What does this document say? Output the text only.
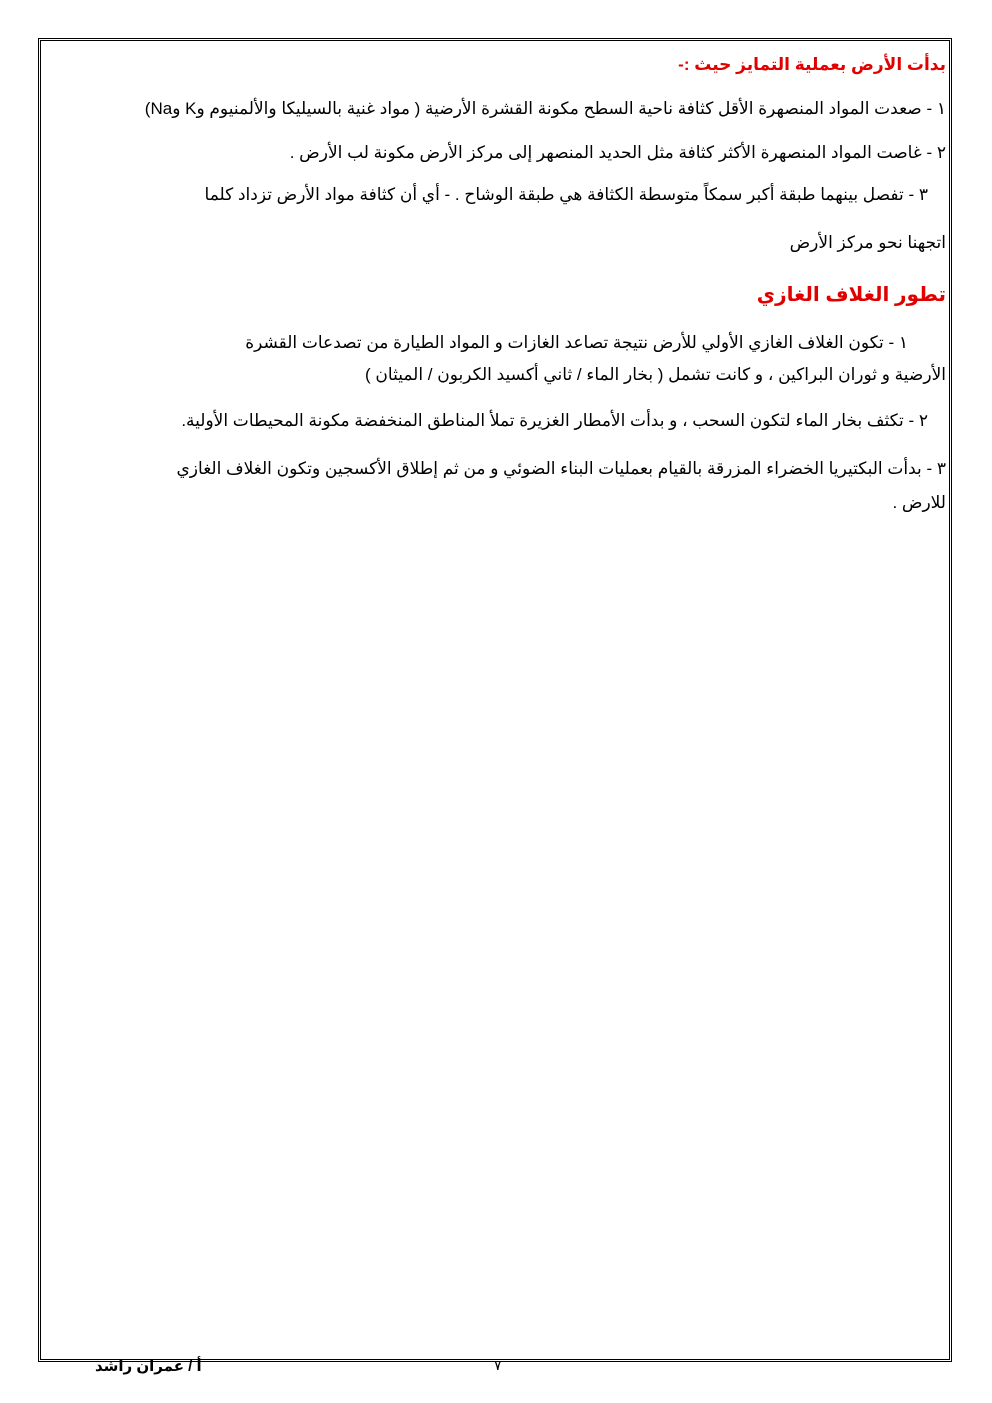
بدأت الأرض بعملية التمايز حيث :-
١ - صعدت المواد المنصهرة الأقل كثافة ناحية السطح مكونة القشرة الأرضية ( مواد غنية بالسيليكا والألمنيوم وK وNa)
٢ - غاصت المواد المنصهرة الأكثر كثافة مثل الحديد المنصهر إلى مركز الأرض مكونة لب الأرض .
٣ - تفصل بينهما طبقة أكبر سمكاً متوسطة الكثافة هي طبقة الوشاح . - أي أن كثافة مواد الأرض تزداد كلما
اتجهنا نحو مركز الأرض
تطور الغلاف الغازي
١ - تكون الغلاف الغازي الأولي للأرض نتيجة تصاعد الغازات و المواد الطيارة من تصدعات القشرة
الأرضية و ثوران البراكين ، و كانت تشمل ( بخار الماء / ثاني أكسيد الكربون / الميثان )
٢ - تكثف بخار الماء لتكون السحب ، و بدأت الأمطار الغزيرة تملأ المناطق المنخفضة مكونة المحيطات الأولية.
٣ - بدأت البكتيريا الخضراء المزرقة بالقيام بعمليات البناء الضوئي و من ثم إطلاق الأكسجين وتكون الغلاف الغازي
للارض .
أ / عمران راشد	٧
